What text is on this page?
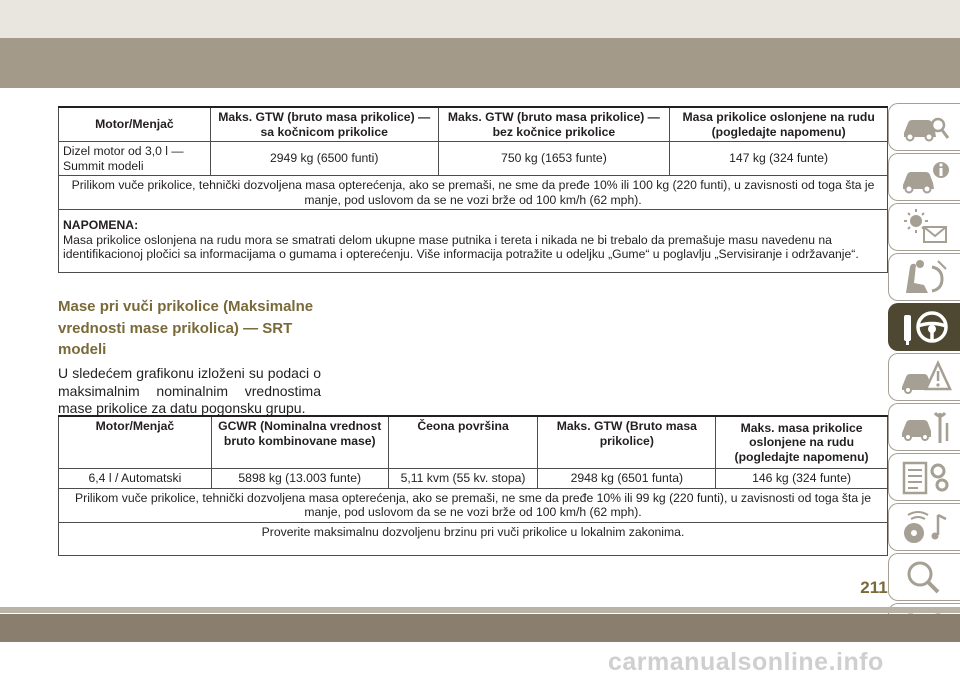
Motor/Menjač	Maks. GTW (bruto masa prikolice) — sa kočnicom prikolice	Maks. GTW (bruto masa prikolice) — bez kočnice prikolice	Masa prikolice oslonjene na rudu (pogledajte napomenu)
Dizel motor od 3,0 l — Summit modeli	2949 kg (6500 funti)	750 kg (1653 funte)	147 kg (324 funte)
Prilikom vuče prikolice, tehnički dozvoljena masa opterećenja, ako se premaši, ne sme da pređe 10% ili 100 kg (220 funti), u zavisnosti od toga šta je manje, pod uslovom da se ne vozi brže od 100 km/h (62 mph).			

NAPOMENA:
Masa prikolice oslonjena na rudu mora se smatrati delom ukupne mase putnika i tereta i nikada ne bi trebalo da premašuje masu navedenu na identifikacionoj pločici sa informacijama o gumama i opterećenju. Više informacija potražite u odeljku „Gume“ u poglavlju „Servisiranje i održavanje“.			
Mase pri vuči prikolice (Maksimalne vrednosti mase prikolica) — SRT modeli
U sledećem grafikonu izloženi su podaci o maksimalnim nominalnim vrednostima mase prikolice za datu pogonsku grupu.
Motor/Menjač	GCWR (Nominalna vrednost bruto kombinovane mase)	Čeona površina	Maks. GTW (Bruto masa prikolice)	Maks. masa prikolice oslonjene na rudu (pogledajte napomenu)
6,4 l / Automatski	5898 kg (13.003 funte)	5,11 kvm (55 kv. stopa)	2948 kg (6501 funta)	146 kg (324 funte)
Prilikom vuče prikolice, tehnički dozvoljena masa opterećenja, ako se premaši, ne sme da pređe 10% ili 99 kg (220 funti), u zavisnosti od toga šta je manje, pod uslovom da se ne vozi brže od 100 km/h (62 mph).				
Proverite maksimalnu dozvoljenu brzinu pri vuči prikolice u lokalnim zakonima.				
211
carmanualsonline.info
